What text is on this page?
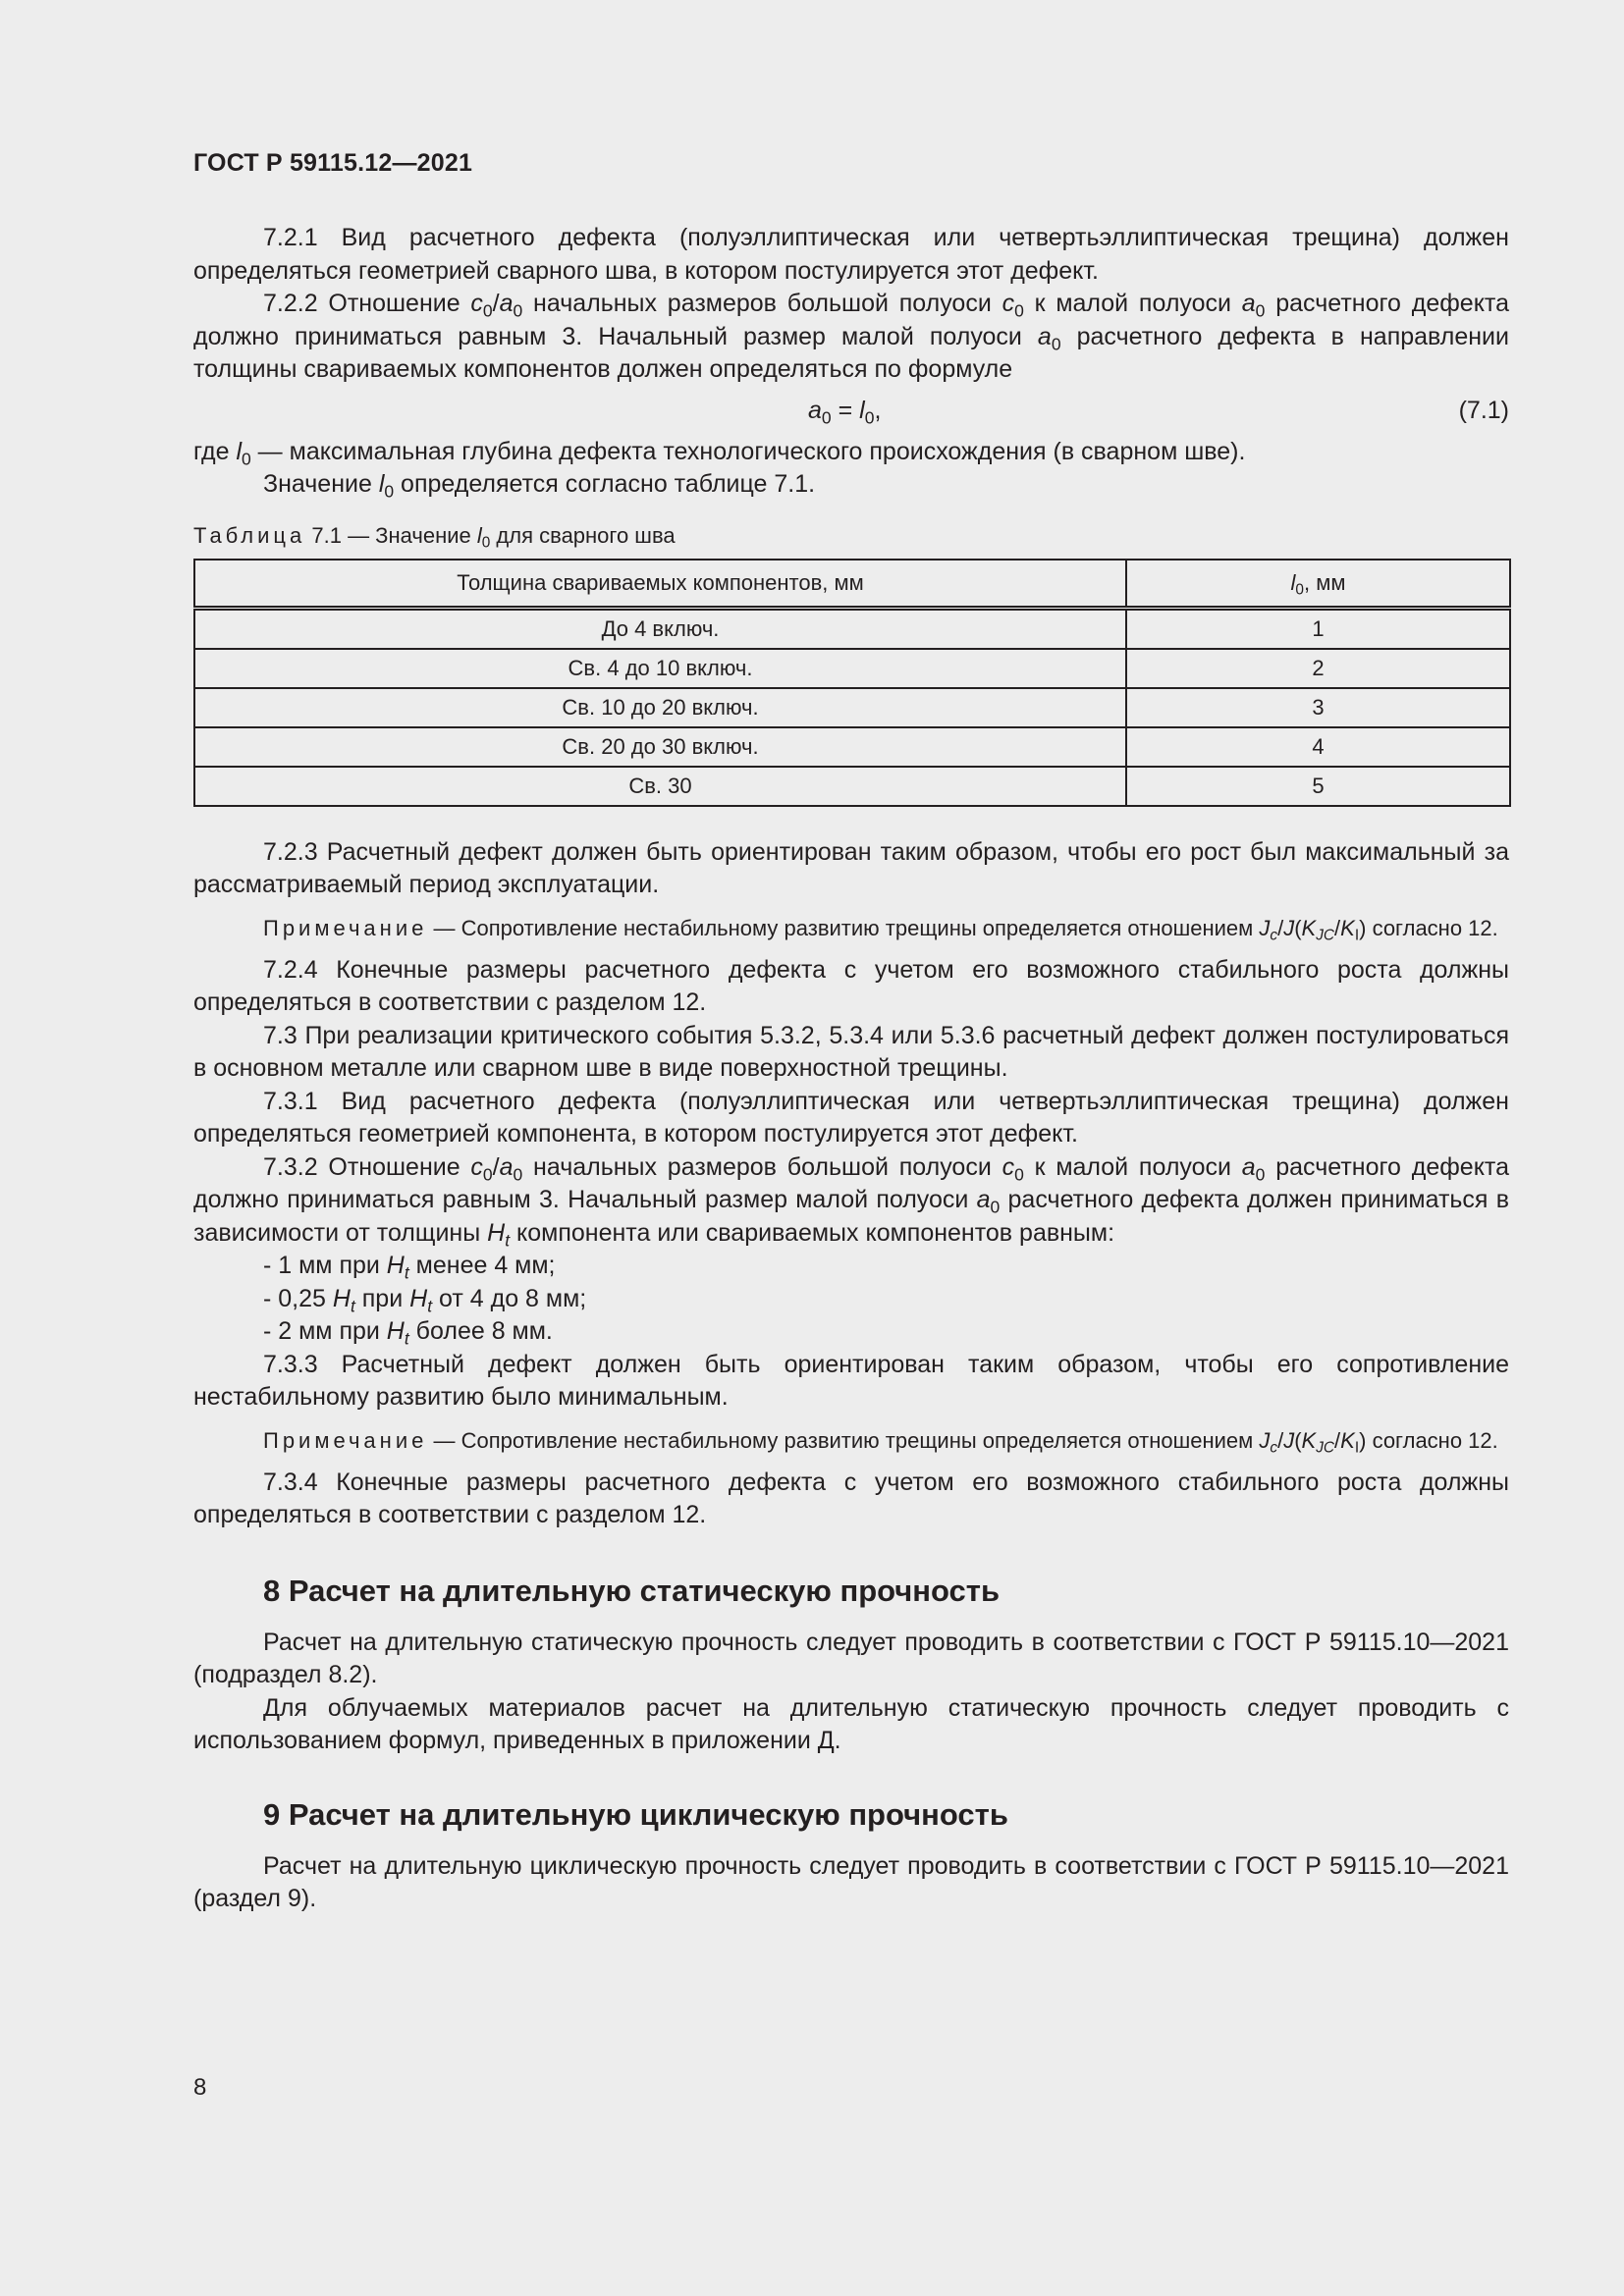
ГОСТ Р 59115.12—2021

7.2.1 Вид расчетного дефекта (полуэллиптическая или четвертьэллиптическая трещина) должен определяться геометрией сварного шва, в котором постулируется этот дефект.

7.2.2 Отношение $c_0/a_0$ начальных размеров большой полуоси $c_0$ к малой полуоси $a_0$ расчетного дефекта должно приниматься равным 3. Начальный размер малой полуоси $a_0$ расчетного дефекта в направлении толщины свариваемых компонентов должен определяться по формуле

$a_0 = l_0$,	(7.1)

где $l_0$ — максимальная глубина дефекта технологического происхождения (в сварном шве).

Значение $l_0$ определяется согласно таблице 7.1.

Таблица 7.1 — Значение $l_0$ для сварного шва
Толщина свариваемых компонентов, мм	$l_0$, мм
До 4 включ.	1
Св. 4 до 10 включ.	2
Св. 10 до 20 включ.	3
Св. 20 до 30 включ.	4
Св. 30	5

7.2.3 Расчетный дефект должен быть ориентирован таким образом, чтобы его рост был максимальный за рассматриваемый период эксплуатации.

Примечание — Сопротивление нестабильному развитию трещины определяется отношением $J_c/J(K_{JC}/K_I)$ согласно 12.

7.2.4 Конечные размеры расчетного дефекта с учетом его возможного стабильного роста должны определяться в соответствии с разделом 12.

7.3 При реализации критического события 5.3.2, 5.3.4 или 5.3.6 расчетный дефект должен постулироваться в основном металле или сварном шве в виде поверхностной трещины.

7.3.1 Вид расчетного дефекта (полуэллиптическая или четвертьэллиптическая трещина) должен определяться геометрией компонента, в котором постулируется этот дефект.

7.3.2 Отношение $c_0/a_0$ начальных размеров большой полуоси $c_0$ к малой полуоси $a_0$ расчетного дефекта должно приниматься равным 3. Начальный размер малой полуоси $a_0$ расчетного дефекта должен приниматься в зависимости от толщины $H_t$ компонента или свариваемых компонентов равным:

- 1 мм при $H_t$ менее 4 мм;

- 0,25 $H_t$ при $H_t$ от 4 до 8 мм;

- 2 мм при $H_t$ более 8 мм.

7.3.3 Расчетный дефект должен быть ориентирован таким образом, чтобы его сопротивление нестабильному развитию было минимальным.

Примечание — Сопротивление нестабильному развитию трещины определяется отношением $J_c/J(K_{JC}/K_I)$ согласно 12.

7.3.4 Конечные размеры расчетного дефекта с учетом его возможного стабильного роста должны определяться в соответствии с разделом 12.

8 Расчет на длительную статическую прочность

Расчет на длительную статическую прочность следует проводить в соответствии с ГОСТ Р 59115.10—2021 (подраздел 8.2).

Для облучаемых материалов расчет на длительную статическую прочность следует проводить с использованием формул, приведенных в приложении Д.

9 Расчет на длительную циклическую прочность

Расчет на длительную циклическую прочность следует проводить в соответствии с ГОСТ Р 59115.10—2021 (раздел 9).

8
